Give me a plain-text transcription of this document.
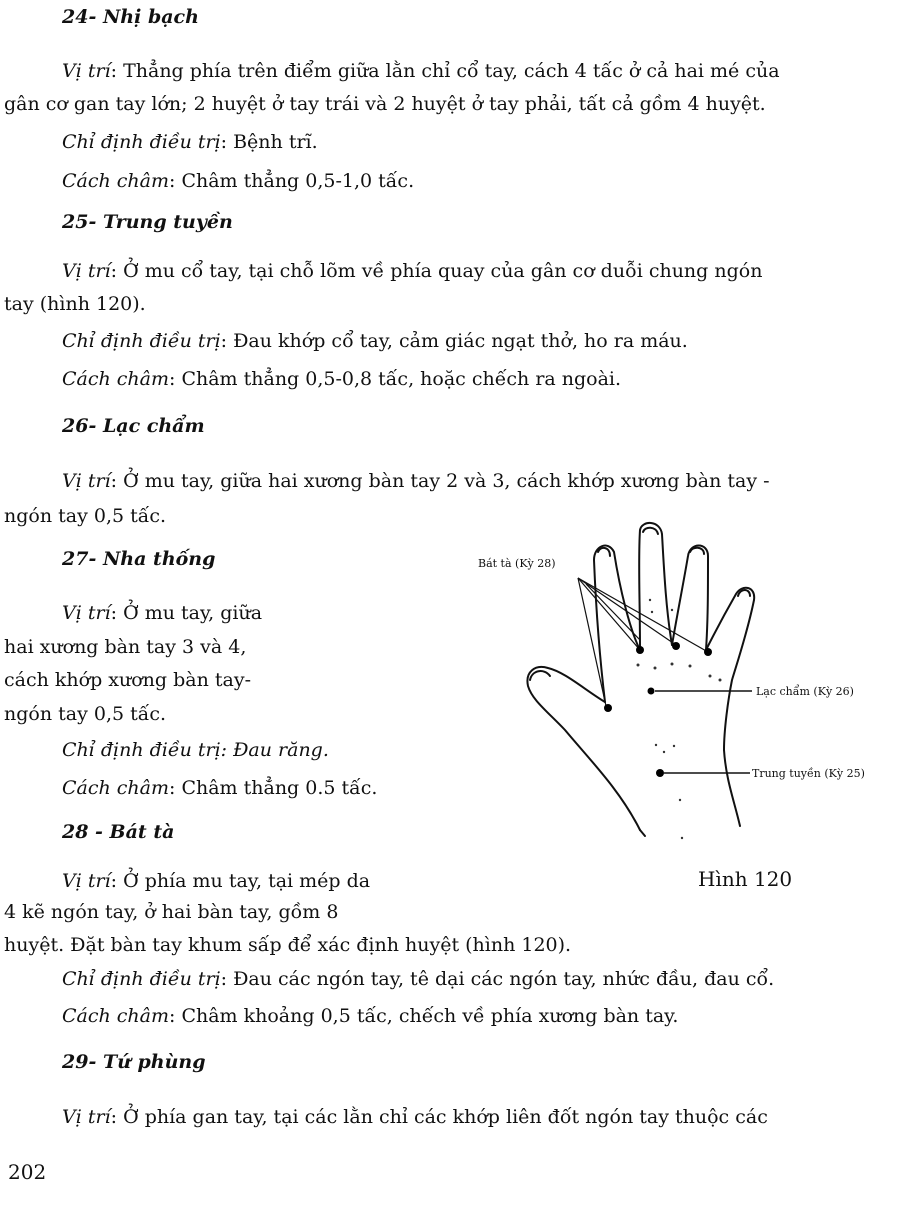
24- Nhị bạch
Vị trí: Thẳng phía trên điểm giữa lằn chỉ cổ tay, cách 4 tấc ở cả hai mé của
gân cơ gan tay lớn; 2 huyệt ở tay trái và 2 huyệt ở tay phải, tất cả gồm 4 huyệt.
Chỉ định điều trị: Bệnh trĩ.
Cách châm: Châm thẳng 0,5-1,0 tấc.
25- Trung tuyền
Vị trí: Ở mu cổ tay, tại chỗ lõm về phía quay của gân cơ duỗi chung ngón
tay (hình 120).
Chỉ định điều trị: Đau khớp cổ tay, cảm giác ngạt thở, ho ra máu.
Cách châm: Châm thẳng 0,5-0,8 tấc, hoặc chếch ra ngoài.
26- Lạc chẩm
Vị trí: Ở mu tay, giữa hai xương bàn tay 2 và 3, cách khớp xương bàn tay -
ngón tay 0,5 tấc.
27- Nha thống
Vị trí: Ở mu tay, giữa
hai xương bàn tay 3 và 4,
cách khớp xương bàn tay-
ngón tay 0,5 tấc.
Chỉ định điều trị: Đau răng.
Cách châm: Châm thẳng 0.5 tấc.
28 - Bát tà
Vị trí: Ở phía mu tay, tại mép da
4 kẽ ngón tay, ở hai bàn tay, gồm 8
huyệt. Đặt bàn tay khum sấp để xác định huyệt (hình 120).
Chỉ định điều trị: Đau các ngón tay, tê dại các ngón tay, nhức đầu, đau cổ.
Cách châm: Châm khoảng 0,5 tấc, chếch về phía xương bàn tay.
29- Tứ phùng
Vị trí: Ở phía gan tay, tại các lằn chỉ các khớp liên đốt ngón tay thuộc các
Bát tà (Kỳ 28)
Lạc chẩm (Kỳ 26)
Trung tuyền (Kỳ 25)
Hình 120
202
